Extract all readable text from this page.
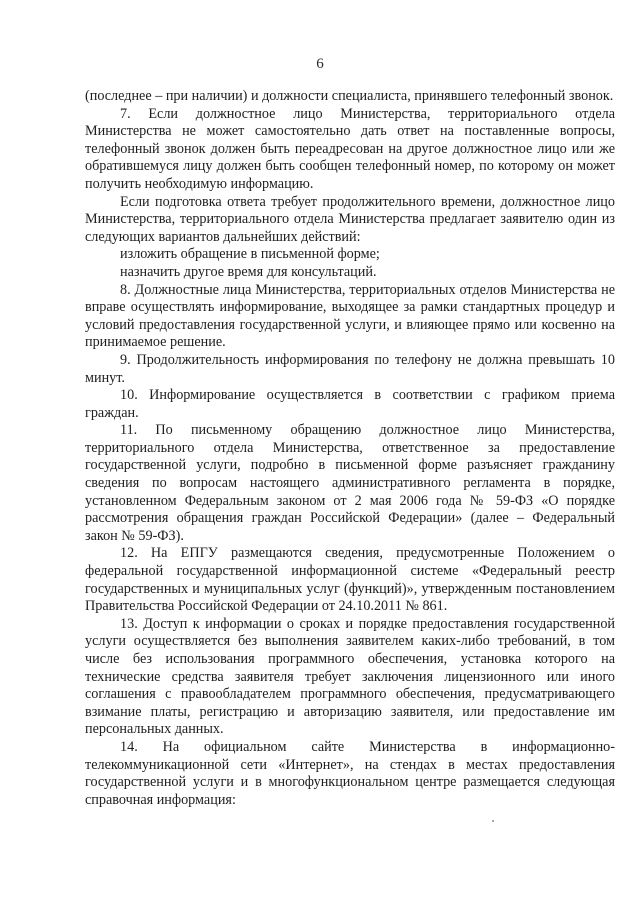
6

(последнее – при наличии) и должности специалиста, принявшего телефонный звонок.

7. Если должностное лицо Министерства, территориального отдела Министерства не может самостоятельно дать ответ на поставленные вопросы, телефонный звонок должен быть переадресован на другое должностное лицо или же обратившемуся лицу должен быть сообщен телефонный номер, по которому он может получить необходимую информацию.

Если подготовка ответа требует продолжительного времени, должностное лицо Министерства, территориального отдела Министерства предлагает заявителю один из следующих вариантов дальнейших действий:

изложить обращение в письменной форме;

назначить другое время для консультаций.

8. Должностные лица Министерства, территориальных отделов Министерства не вправе осуществлять информирование, выходящее за рамки стандартных процедур и условий предоставления государственной услуги, и влияющее прямо или косвенно на принимаемое решение.

9. Продолжительность информирования по телефону не должна превышать 10 минут.

10. Информирование осуществляется в соответствии с графиком приема граждан.

11. По письменному обращению должностное лицо Министерства, территориального отдела Министерства, ответственное за предоставление государственной услуги, подробно в письменной форме разъясняет гражданину сведения по вопросам настоящего административного регламента в порядке, установленном Федеральным законом от 2 мая 2006 года № 59-ФЗ «О порядке рассмотрения обращения граждан Российской Федерации» (далее – Федеральный закон № 59-ФЗ).

12. На ЕПГУ размещаются сведения, предусмотренные Положением о федеральной государственной информационной системе «Федеральный реестр государственных и муниципальных услуг (функций)», утвержденным постановлением Правительства Российской Федерации от 24.10.2011 № 861.

13. Доступ к информации о сроках и порядке предоставления государственной услуги осуществляется без выполнения заявителем каких-либо требований, в том числе без использования программного обеспечения, установка которого на технические средства заявителя требует заключения лицензионного или иного соглашения с правообладателем программного обеспечения, предусматривающего взимание платы, регистрацию и авторизацию заявителя, или предоставление им персональных данных.

14. На официальном сайте Министерства в информационно-телекоммуникационной сети «Интернет», на стендах в местах предоставления государственной услуги и в многофункциональном центре размещается следующая справочная информация:
